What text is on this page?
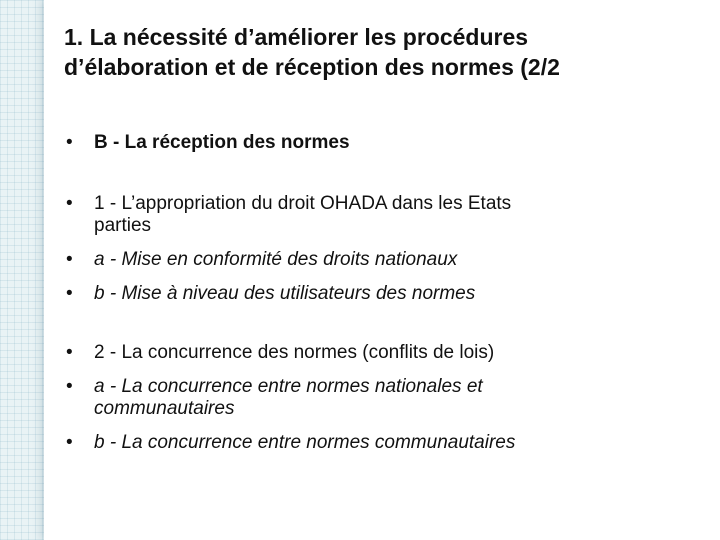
1. La nécessité d’améliorer les procédures
d’élaboration et de réception des normes (2/2
• B - La réception des normes
• 1 - L’appropriation du droit OHADA dans les Etats
parties
• a - Mise en conformité des droits nationaux
• b - Mise à niveau des utilisateurs des normes
• 2 - La concurrence des normes (conflits de lois)
• a - La concurrence entre normes nationales et
communautaires
• b - La concurrence entre normes communautaires
